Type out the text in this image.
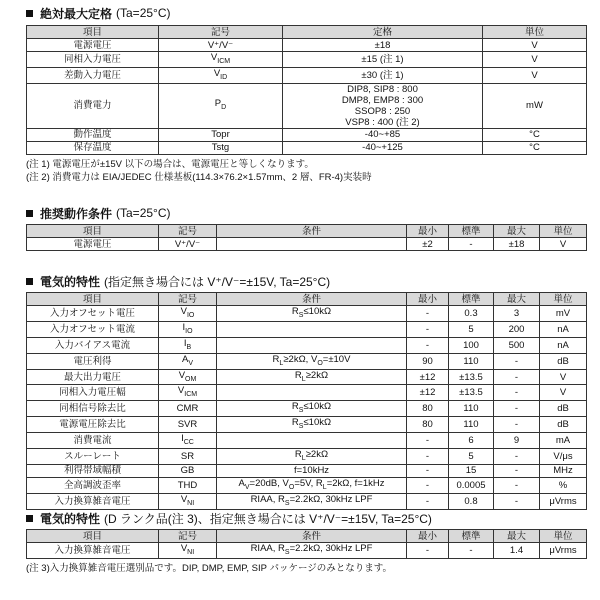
絶対最大定格 (Ta=25°C)
項目	記号	定格	単位
電源電圧	V⁺/V⁻	±18	V
同相入力電圧	$V_{ICM}$	±15 (注 1)	V
差動入力電圧	$V_{ID}$	±30 (注 1)	V
消費電力	$P_D$	DIP8, SIP8 : 800
DMP8, EMP8 : 300
SSOP8 : 250
VSP8 : 400 (注 2)	mW
動作温度	Topr	-40~+85	°C
保存温度	Tstg	-40~+125	°C
(注 1) 電源電圧が±15V 以下の場合は、電源電圧と等しくなります。
(注 2) 消費電力は EIA/JEDEC 仕様基板(114.3×76.2×1.57mm、2 層、FR-4)実装時
推奨動作条件 (Ta=25°C)
項目	記号	条件	最小	標準	最大	単位
電源電圧	V⁺/V⁻		±2	-	±18	V
電気的特性 (指定無き場合には V⁺/V⁻=±15V, Ta=25°C)
項目	記号	条件	最小	標準	最大	単位
入力オフセット電圧	$V_{IO}$	$R_S\le 10k\Omega$	-	0.3	3	mV
入力オフセット電流	$I_{IO}$		-	5	200	nA
入力バイアス電流	$I_B$		-	100	500	nA
電圧利得	$A_V$	$R_L\ge 2k\Omega$, $V_O=\pm 10V$	90	110	-	dB
最大出力電圧	$V_{OM}$	$R_L\ge 2k\Omega$	±12	±13.5	-	V
同相入力電圧幅	$V_{ICM}$		±12	±13.5	-	V
同相信号除去比	CMR	$R_S\le 10k\Omega$	80	110	-	dB
電源電圧除去比	SVR	$R_S\le 10k\Omega$	80	110	-	dB
消費電流	$I_{CC}$		-	6	9	mA
スルーレート	SR	$R_L\ge 2k\Omega$	-	5	-	V/μs
利得帯域幅積	GB	f=10kHz	-	15	-	MHz
全高調波歪率	THD	$A_V=20dB$, $V_O=5V$, $R_L=2k\Omega$, f=1kHz	-	0.0005	-	%
入力換算雑音電圧	$V_{NI}$	RIAA, $R_S=2.2k\Omega$, 30kHz LPF	-	0.8	-	μVrms
電気的特性 (D ランク品(注 3)、指定無き場合には V⁺/V⁻=±15V, Ta=25°C)
項目	記号	条件	最小	標準	最大	単位
入力換算雑音電圧	$V_{NI}$	RIAA, $R_S=2.2k\Omega$, 30kHz LPF	-	-	1.4	μVrms
(注 3)入力換算雑音電圧選別品です。DIP, DMP, EMP, SIP パッケージのみとなります。
